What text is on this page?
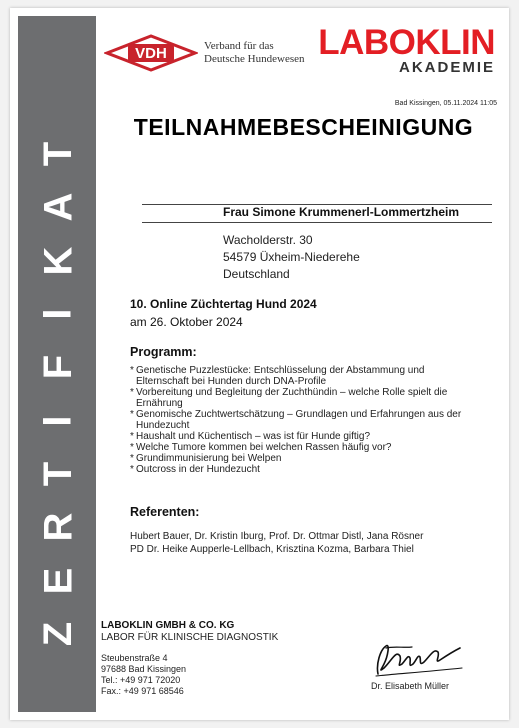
T
A
K
I
F
I
T
R
E
Z
VDH	Verband für das
Deutsche Hundewesen LABOKLIN
AKADEMIE
Bad Kissingen, 05.11.2024 11:05
TEILNAHMEBESCHEINIGUNG
Frau Simone Krummenerl-Lommertzheim
Wacholderstr. 30
54579 Üxheim-Niederehe
Deutschland
10. Online Züchtertag Hund 2024
am 26. Oktober 2024
Programm:
* Genetische Puzzlestücke: Entschlüsselung der Abstammung und Elternschaft bei Hunden durch DNA-Profile
* Vorbereitung und Begleitung der Zuchthündin – welche Rolle spielt die Ernährung
* Genomische Zuchtwertschätzung – Grundlagen und Erfahrungen aus der Hundezucht
* Haushalt und Küchentisch – was ist für Hunde giftig?
* Welche Tumore kommen bei welchen Rassen häufig vor?
* Grundimmunisierung bei Welpen
* Outcross in der Hundezucht
Referenten:
Hubert Bauer, Dr. Kristin Iburg, Prof. Dr. Ottmar Distl, Jana Rösner
PD Dr. Heike Aupperle-Lellbach, Krisztina Kozma, Barbara Thiel
LABOKLIN GMBH & CO. KG
LABOR FÜR KLINISCHE DIAGNOSTIK
Steubenstraße 4
97688 Bad Kissingen
Tel.: +49 971 72020
Fax.: +49 971 68546	Dr. Elisabeth Müller
